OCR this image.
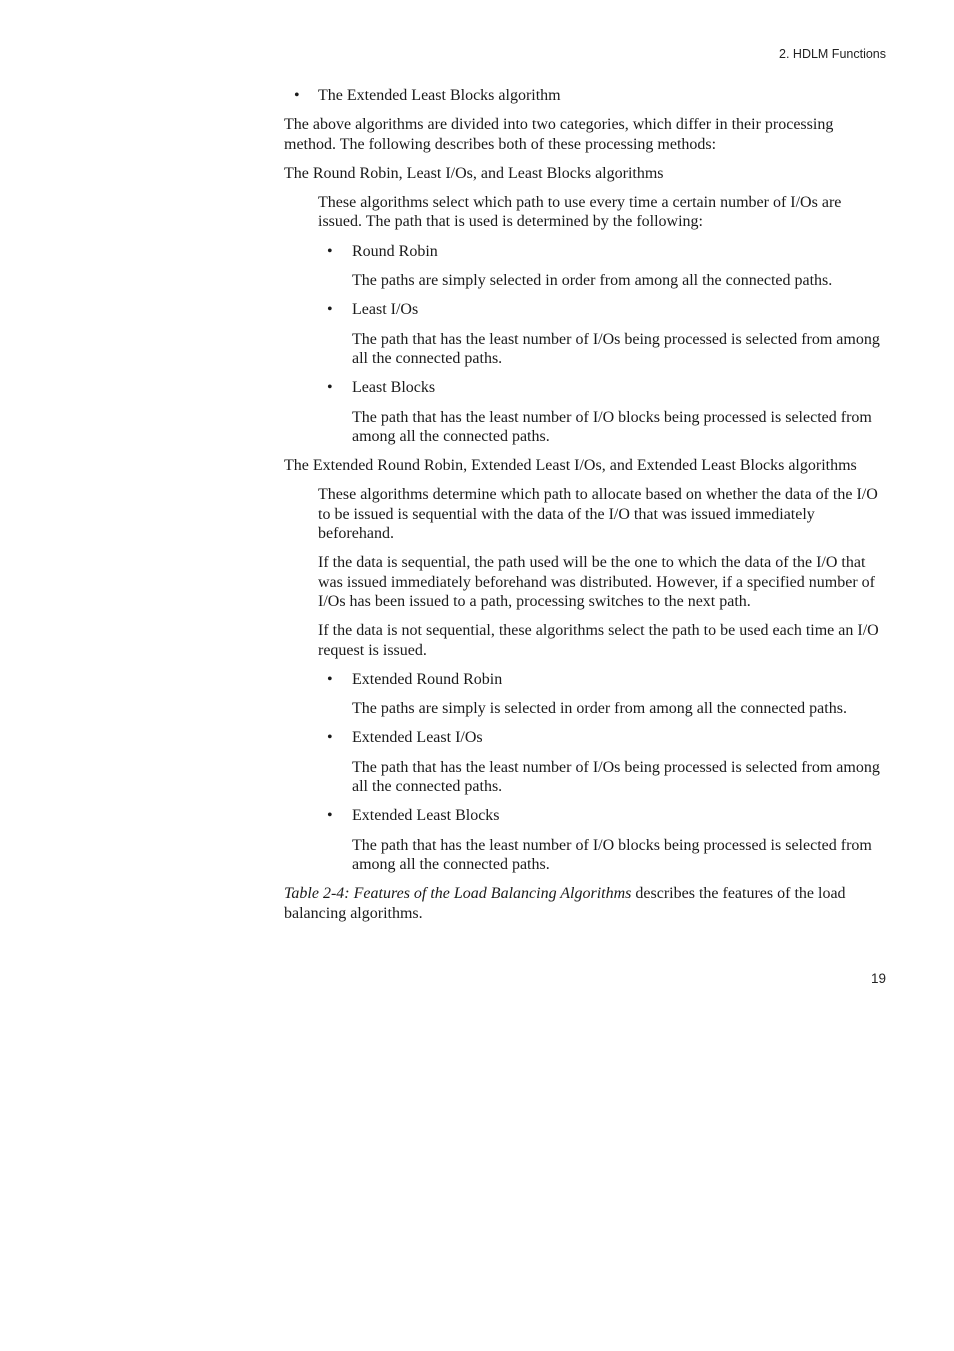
2. HDLM Functions
• The Extended Least Blocks algorithm

The above algorithms are divided into two categories, which differ in their processing method. The following describes both of these processing methods:

The Round Robin, Least I/Os, and Least Blocks algorithms

These algorithms select which path to use every time a certain number of I/Os are issued. The path that is used is determined by the following:

• Round Robin

The paths are simply selected in order from among all the connected paths.

• Least I/Os

The path that has the least number of I/Os being processed is selected from among all the connected paths.

• Least Blocks

The path that has the least number of I/O blocks being processed is selected from among all the connected paths.

The Extended Round Robin, Extended Least I/Os, and Extended Least Blocks algorithms

These algorithms determine which path to allocate based on whether the data of the I/O to be issued is sequential with the data of the I/O that was issued immediately beforehand.

If the data is sequential, the path used will be the one to which the data of the I/O that was issued immediately beforehand was distributed. However, if a specified number of I/Os has been issued to a path, processing switches to the next path.

If the data is not sequential, these algorithms select the path to be used each time an I/O request is issued.

• Extended Round Robin

The paths are simply is selected in order from among all the connected paths.

• Extended Least I/Os

The path that has the least number of I/Os being processed is selected from among all the connected paths.

• Extended Least Blocks

The path that has the least number of I/O blocks being processed is selected from among all the connected paths.

Table 2-4: Features of the Load Balancing Algorithms describes the features of the load balancing algorithms.

19
